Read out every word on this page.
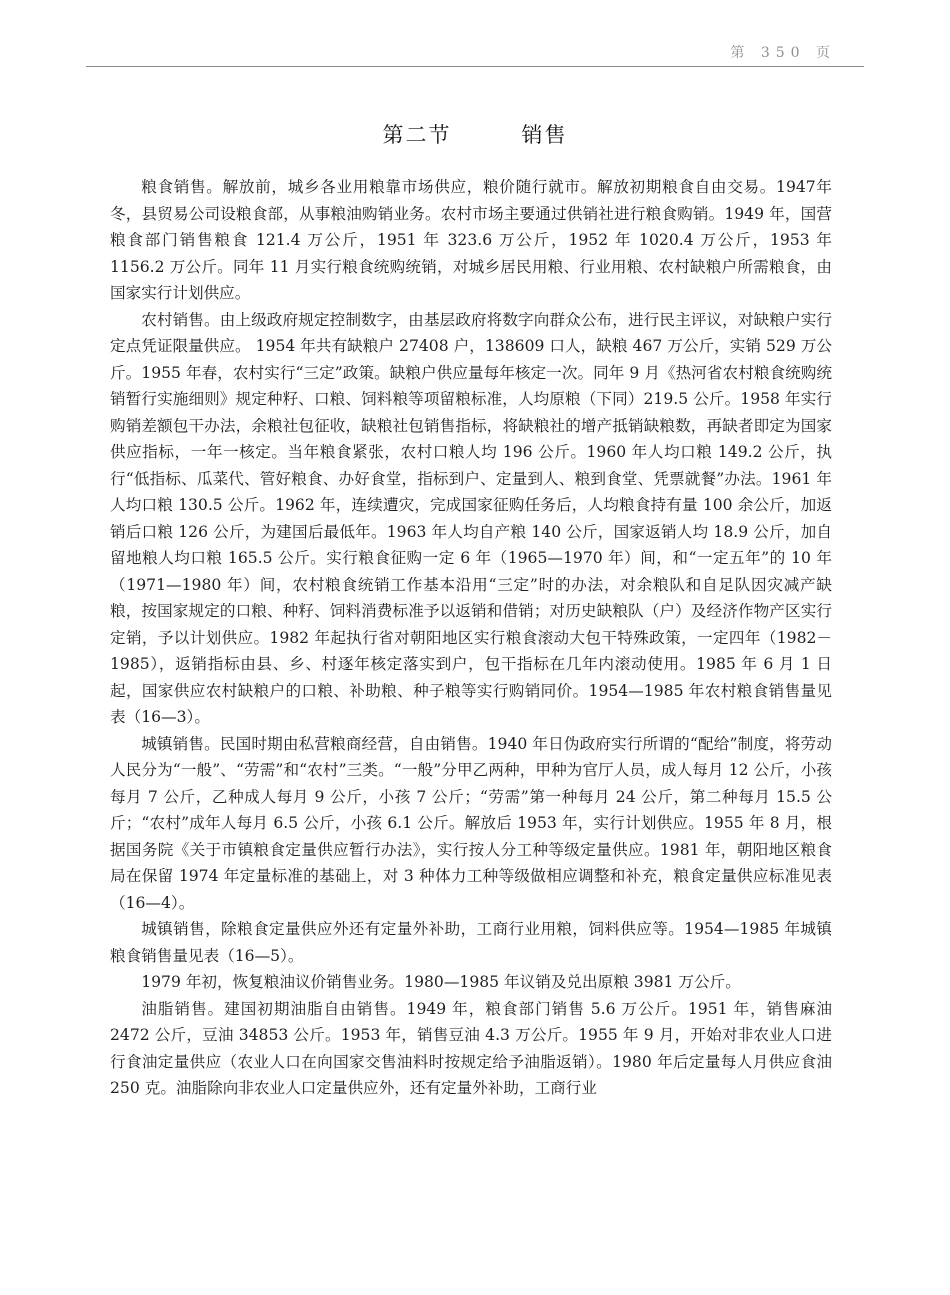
第 350 页
第二节	销售

粮食销售。解放前，城乡各业用粮靠市场供应，粮价随行就市。解放初期粮食自由交易。1947年冬，县贸易公司设粮食部，从事粮油购销业务。农村市场主要通过供销社进行粮食购销。1949 年，国营粮食部门销售粮食 121.4 万公斤，1951 年 323.6 万公斤，1952 年 1020.4 万公斤，1953 年 1156.2 万公斤。同年 11 月实行粮食统购统销，对城乡居民用粮、行业用粮、农村缺粮户所需粮食，由国家实行计划供应。

农村销售。由上级政府规定控制数字，由基层政府将数字向群众公布，进行民主评议，对缺粮户实行定点凭证限量供应。 1954 年共有缺粮户 27408 户，138609 口人，缺粮 467 万公斤，实销 529 万公斤。1955 年春，农村实行“三定”政策。缺粮户供应量每年核定一次。同年 9 月《热河省农村粮食统购统销暂行实施细则》规定种籽、口粮、饲料粮等项留粮标准，人均原粮（下同）219.5 公斤。1958 年实行购销差额包干办法，余粮社包征收，缺粮社包销售指标，将缺粮社的增产抵销缺粮数，再缺者即定为国家供应指标，一年一核定。当年粮食紧张，农村口粮人均 196 公斤。1960 年人均口粮 149.2 公斤，执行“低指标、瓜菜代、管好粮食、办好食堂，指标到户、定量到人、粮到食堂、凭票就餐”办法。1961 年人均口粮 130.5 公斤。1962 年，连续遭灾，完成国家征购任务后，人均粮食持有量 100 余公斤，加返销后口粮 126 公斤，为建国后最低年。1963 年人均自产粮 140 公斤，国家返销人均 18.9 公斤，加自留地粮人均口粮 165.5 公斤。实行粮食征购一定 6 年（1965—1970 年）间，和“一定五年”的 10 年（1971—1980 年）间，农村粮食统销工作基本沿用“三定”时的办法，对余粮队和自足队因灾减产缺粮，按国家规定的口粮、种籽、饲料消费标准予以返销和借销；对历史缺粮队（户）及经济作物产区实行定销，予以计划供应。1982 年起执行省对朝阳地区实行粮食滚动大包干特殊政策，一定四年（1982－1985），返销指标由县、乡、村逐年核定落实到户，包干指标在几年内滚动使用。1985 年 6 月 1 日起，国家供应农村缺粮户的口粮、补助粮、种子粮等实行购销同价。1954—1985 年农村粮食销售量见表（16—3）。

城镇销售。民国时期由私营粮商经营，自由销售。1940 年日伪政府实行所谓的“配给”制度，将劳动人民分为“一般”、“劳需”和“农村”三类。“一般”分甲乙两种，甲种为官厅人员，成人每月 12 公斤，小孩每月 7 公斤，乙种成人每月 9 公斤，小孩 7 公斤；“劳需”第一种每月 24 公斤，第二种每月 15.5 公斤；“农村”成年人每月 6.5 公斤，小孩 6.1 公斤。解放后 1953 年，实行计划供应。1955 年 8 月，根据国务院《关于市镇粮食定量供应暂行办法》，实行按人分工种等级定量供应。1981 年，朝阳地区粮食局在保留 1974 年定量标准的基础上，对 3 种体力工种等级做相应调整和补充，粮食定量供应标准见表（16—4）。

城镇销售，除粮食定量供应外还有定量外补助，工商行业用粮，饲料供应等。1954—1985 年城镇粮食销售量见表（16—5）。

1979 年初，恢复粮油议价销售业务。1980—1985 年议销及兑出原粮 3981 万公斤。

油脂销售。建国初期油脂自由销售。1949 年，粮食部门销售 5.6 万公斤。1951 年，销售麻油 2472 公斤，豆油 34853 公斤。1953 年，销售豆油 4.3 万公斤。1955 年 9 月，开始对非农业人口进行食油定量供应（农业人口在向国家交售油料时按规定给予油脂返销）。1980 年后定量每人月供应食油 250 克。油脂除向非农业人口定量供应外，还有定量外补助，工商行业
